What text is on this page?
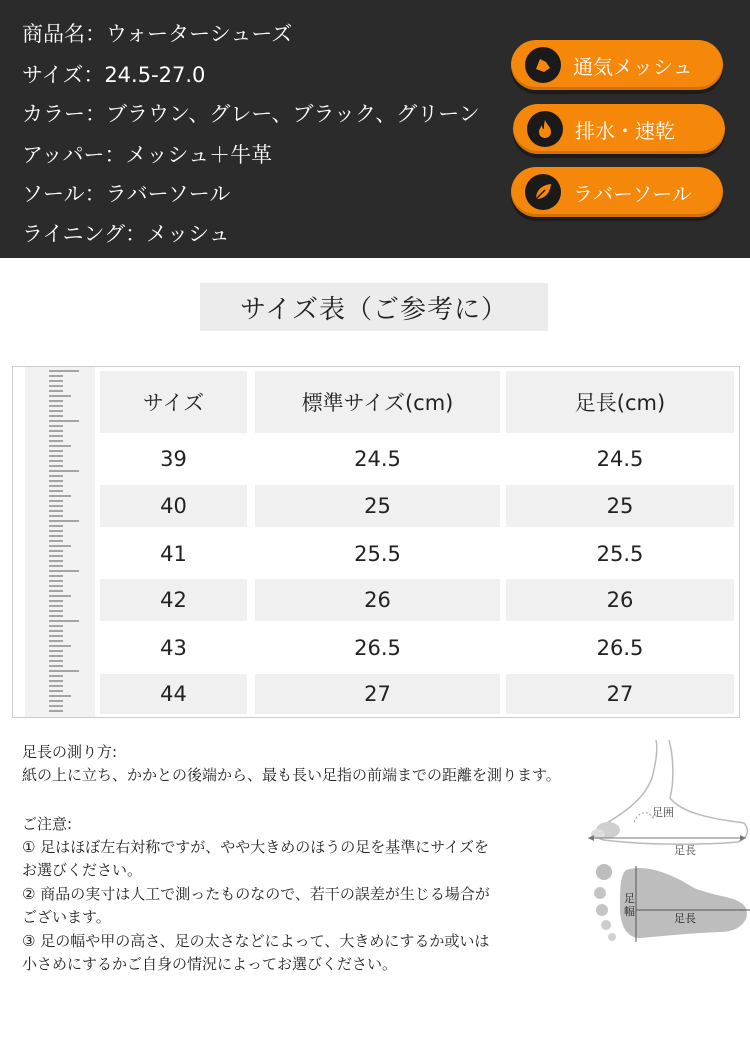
商品名：ウォーターシューズ
サイズ：24.5-27.0
カラー：ブラウン、グレー、ブラック、グリーン
アッパー：メッシュ＋牛革
ソール：ラバーソール
ライニング：メッシュ
通気メッシュ
排水・速乾
ラバーソール
サイズ表（ご参考に）
サイズ	標準サイズ(cm)	足長(cm)
39	24.5	24.5
40	25	25
41	25.5	25.5
42	26	26
43	26.5	26.5
44	27	27
足長の測り方:
紙の上に立ち、かかとの後端から、最も長い足指の前端までの距離を測ります。
ご注意:
① 足はほぼ左右対称ですが、やや大きめのほうの足を基準にサイズを
お選びください。
② 商品の実寸は人工で測ったものなので、若干の誤差が生じる場合が
ございます。
③ 足の幅や甲の高さ、足の太さなどによって、大きめにするか或いは
小さめにするかご自身の情況によってお選びください。
足囲
足長
足幅
足長
